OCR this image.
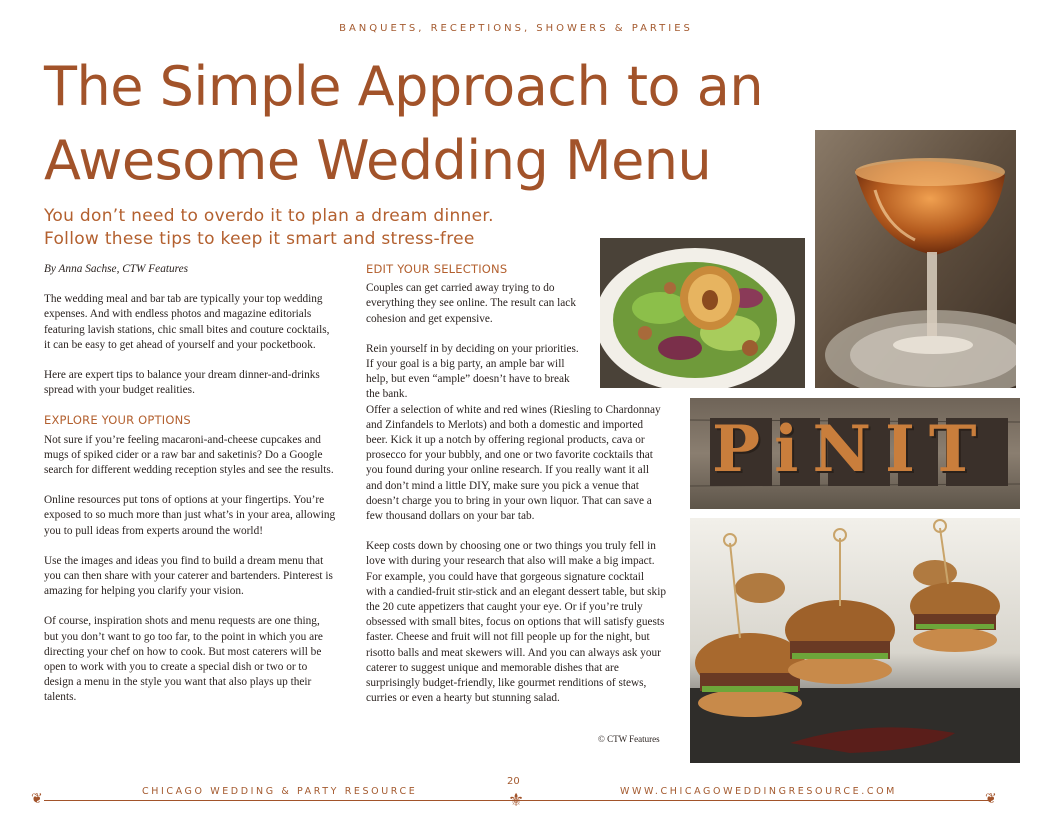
BANQUETS, RECEPTIONS, SHOWERS & PARTIES
The Simple Approach to an
Awesome Wedding Menu
You don’t need to overdo it to plan a dream dinner.
Follow these tips to keep it smart and stress-free

By Anna Sachse, CTW Features

The wedding meal and bar tab are typically your top wedding expenses. And with endless photos and magazine editorials featuring lavish stations, chic small bites and couture cocktails, it can be easy to get ahead of yourself and your pocketbook.

Here are expert tips to balance your dream dinner-and-drinks spread with your budget realities.

EXPLORE YOUR OPTIONS

Not sure if you’re feeling macaroni-and-cheese cupcakes and mugs of spiked cider or a raw bar and saketinis? Do a Google search for different wedding reception styles and see the results.

Online resources put tons of options at your fingertips. You’re exposed to so much more than just what’s in your area, allowing you to pull ideas from experts around the world!

Use the images and ideas you find to build a dream menu that you can then share with your caterer and bartenders. Pinterest is amazing for helping you clarify your vision.

Of course, inspiration shots and menu requests are one thing, but you don’t want to go too far, to the point in which you are directing your chef on how to cook. But most caterers will be open to work with you to create a special dish or two or to design a menu in the style you want that also plays up their talents.

EDIT YOUR SELECTIONS

Couples can get carried away trying to do everything they see online. The result can lack cohesion and get expensive.

Rein yourself in by deciding on your priorities. If your goal is a big party, an ample bar will help, but even “ample” doesn’t have to break the bank.

Offer a selection of white and red wines (Riesling to Chardonnay and Zinfandels to Merlots) and both a domestic and imported beer. Kick it up a notch by offering regional products, cava or prosecco for your bubbly, and one or two favorite cocktails that you found during your online research. If you really want it all and don’t mind a little DIY, make sure you pick a venue that doesn’t charge you to bring in your own liquor. That can save a few thousand dollars on your bar tab.

Keep costs down by choosing one or two things you truly fell in love with during your research that also will make a big impact. For example, you could have that gorgeous signature cocktail with a candied-fruit stir-stick and an elegant dessert table, but skip the 20 cute appetizers that caught your eye. Or if you’re truly obsessed with small bites, focus on options that will satisfy guests faster. Cheese and fruit will not fill people up for the night, but risotto balls and meat skewers will. And you can always ask your caterer to suggest unique and memorable dishes that are surprisingly budget-friendly, like gourmet renditions of stews, curries or even a hearty but stunning salad.

© CTW Features
PiNIT
❦	❦
⚜
CHICAGO WEDDING & PARTY RESOURCE
20
WWW.CHICAGOWEDDINGRESOURCE.COM
